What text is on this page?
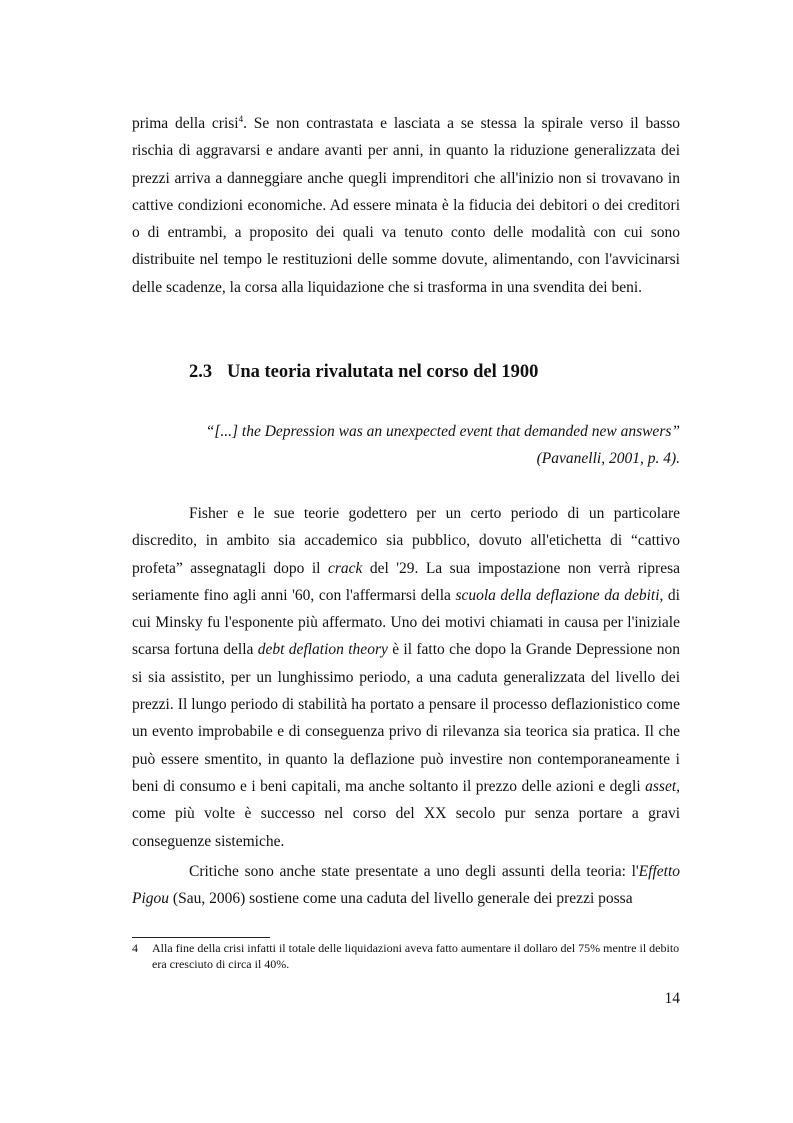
prima della crisi$^4$. Se non contrastata e lasciata a se stessa la spirale verso il basso rischia di aggravarsi e andare avanti per anni, in quanto la riduzione generalizzata dei prezzi arriva a danneggiare anche quegli imprenditori che all'inizio non si trovavano in cattive condizioni economiche. Ad essere minata è la fiducia dei debitori o dei creditori o di entrambi, a proposito dei quali va tenuto conto delle modalità con cui sono distribuite nel tempo le restituzioni delle somme dovute, alimentando, con l'avvicinarsi delle scadenze, la corsa alla liquidazione che si trasforma in una svendita dei beni.

2.3 Una teoria rivalutata nel corso del 1900
“[...] the Depression was an unexpected event that demanded new answers”
(Pavanelli, 2001, p. 4).

Fisher e le sue teorie godettero per un certo periodo di un particolare discredito, in ambito sia accademico sia pubblico, dovuto all'etichetta di “cattivo profeta” assegnatagli dopo il crack del '29. La sua impostazione non verrà ripresa seriamente fino agli anni '60, con l'affermarsi della scuola della deflazione da debiti, di cui Minsky fu l'esponente più affermato. Uno dei motivi chiamati in causa per l'iniziale scarsa fortuna della debt deflation theory è il fatto che dopo la Grande Depressione non si sia assistito, per un lunghissimo periodo, a una caduta generalizzata del livello dei prezzi. Il lungo periodo di stabilità ha portato a pensare il processo deflazionistico come un evento improbabile e di conseguenza privo di rilevanza sia teorica sia pratica. Il che può essere smentito, in quanto la deflazione può investire non contemporaneamente i beni di consumo e i beni capitali, ma anche soltanto il prezzo delle azioni e degli asset, come più volte è successo nel corso del XX secolo pur senza portare a gravi conseguenze sistemiche.

Critiche sono anche state presentate a uno degli assunti della teoria: l'Effetto Pigou (Sau, 2006) sostiene come una caduta del livello generale dei prezzi possa

4 Alla fine della crisi infatti il totale delle liquidazioni aveva fatto aumentare il dollaro del 75% mentre il debito era cresciuto di circa il 40%.
14
